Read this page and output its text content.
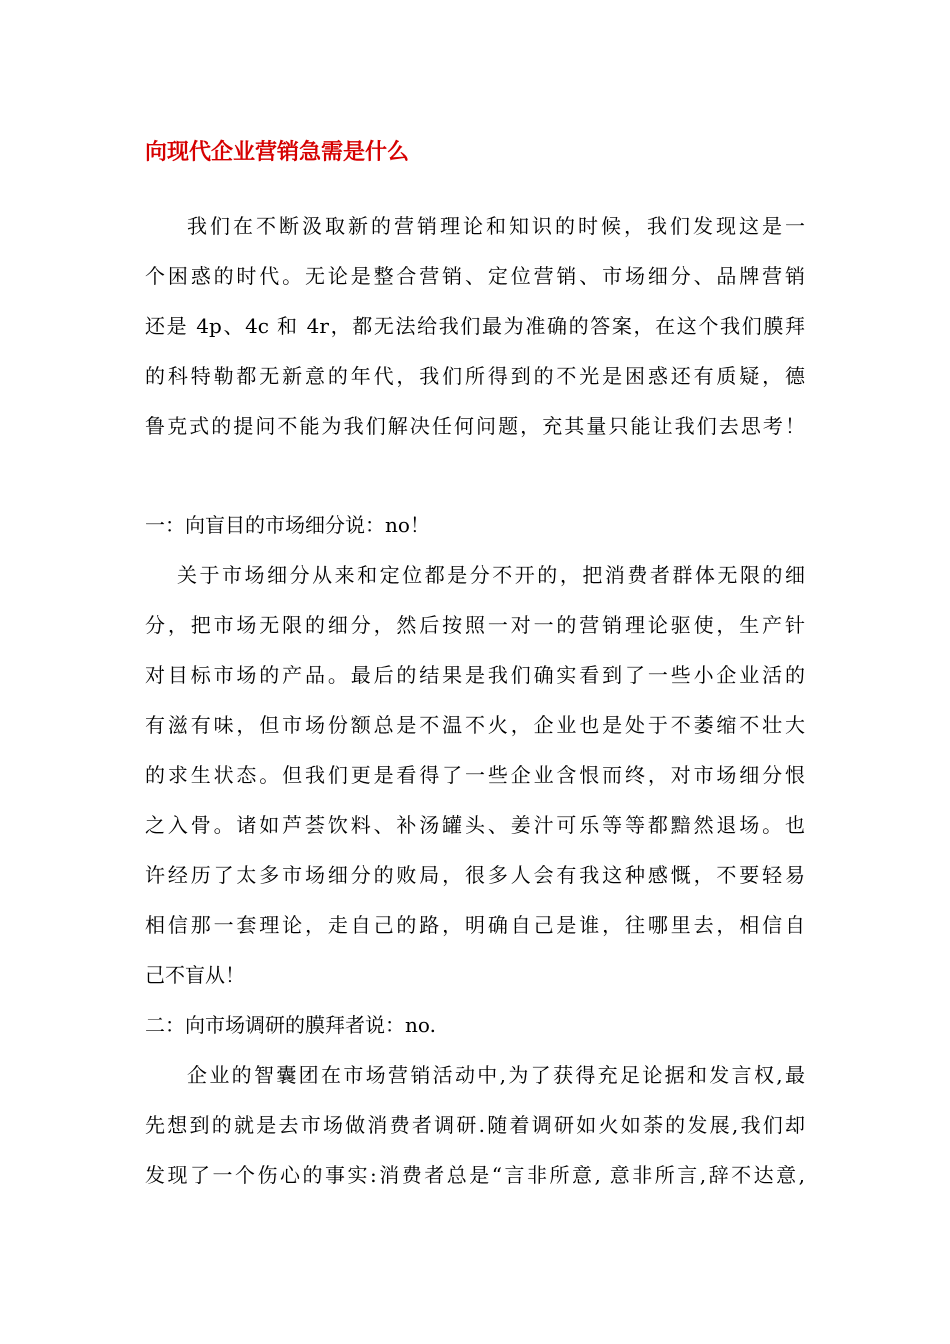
向现代企业营销急需是什么
我们在不断汲取新的营销理论和知识的时候，我们发现这是一
个困惑的时代。无论是整合营销、定位营销、市场细分、品牌营销
还是 4p、4c 和 4r，都无法给我们最为准确的答案，在这个我们膜拜
的科特勒都无新意的年代，我们所得到的不光是困惑还有质疑，德
鲁克式的提问不能为我们解决任何问题，充其量只能让我们去思考！
一：向盲目的市场细分说：no！
关于市场细分从来和定位都是分不开的，把消费者群体无限的细
分，把市场无限的细分，然后按照一对一的营销理论驱使，生产针
对目标市场的产品。最后的结果是我们确实看到了一些小企业活的
有滋有味，但市场份额总是不温不火，企业也是处于不萎缩不壮大
的求生状态。但我们更是看得了一些企业含恨而终，对市场细分恨
之入骨。诸如芦荟饮料、补汤罐头、姜汁可乐等等都黯然退场。也
许经历了太多市场细分的败局，很多人会有我这种感慨，不要轻易
相信那一套理论，走自己的路，明确自己是谁，往哪里去，相信自
己不盲从！
二：向市场调研的膜拜者说：no.
企业的智囊团在市场营销活动中,为了获得充足论据和发言权,最
先想到的就是去市场做消费者调研.随着调研如火如荼的发展,我们却
发现了一个伤心的事实:消费者总是“言非所意, 意非所言,辞不达意,
